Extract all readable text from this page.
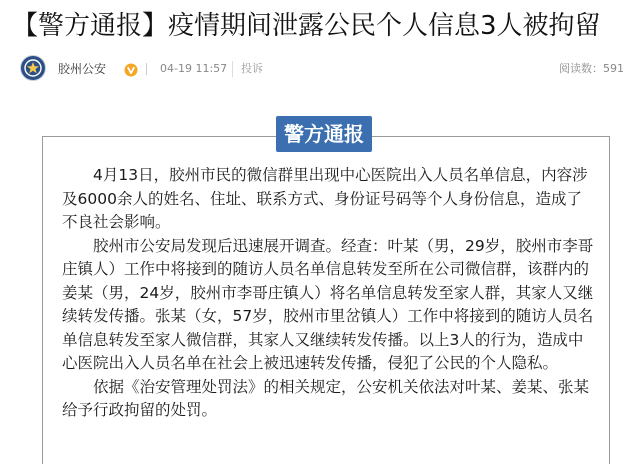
【警方通报】疫情期间泄露公民个人信息3人被拘留
胶州公安	04-19 11:57	投诉	阅读数：591
警方通报

4月13日，胶州市民的微信群里出现中心医院出入人员名单信息，内容涉及6000余人的姓名、住址、联系方式、身份证号码等个人身份信息，造成了不良社会影响。

胶州市公安局发现后迅速展开调查。经查：叶某（男，29岁，胶州市李哥庄镇人）工作中将接到的随访人员名单信息转发至所在公司微信群，该群内的姜某（男，24岁，胶州市李哥庄镇人）将名单信息转发至家人群，其家人又继续转发传播。张某（女，57岁，胶州市里岔镇人）工作中将接到的随访人员名单信息转发至家人微信群，其家人又继续转发传播。以上3人的行为，造成中心医院出入人员名单在社会上被迅速转发传播，侵犯了公民的个人隐私。

依据《治安管理处罚法》的相关规定，公安机关依法对叶某、姜某、张某给予行政拘留的处罚。
